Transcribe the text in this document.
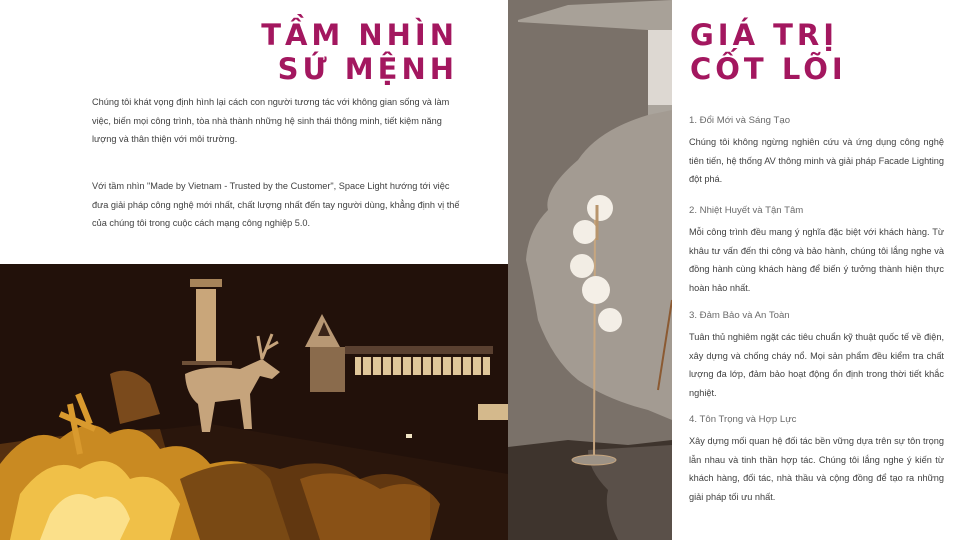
TẦM NHÌN
SỨ MỆNH

Chúng tôi khát vọng định hình lại cách con người tương tác với không gian sống và làm việc, biến mọi công trình, tòa nhà thành những hệ sinh thái thông minh, tiết kiệm năng lượng và thân thiện với môi trường.

Với tầm nhìn "Made by Vietnam - Trusted by the Customer", Space Light hướng tới việc đưa giải pháp công nghệ mới nhất, chất lượng nhất đến tay người dùng, khẳng định vị thế của chúng tôi trong cuộc cách mạng công nghiệp 5.0.

GIÁ TRỊ
CỐT LÕI
1. Đổi Mới và Sáng Tạo

Chúng tôi không ngừng nghiên cứu và ứng dụng công nghệ tiên tiến, hệ thống AV thông minh và giải pháp Facade Lighting đột phá.

2. Nhiệt Huyết và Tận Tâm

Mỗi công trình đều mang ý nghĩa đặc biệt với khách hàng. Từ khâu tư vấn đến thi công và bảo hành, chúng tôi lắng nghe và đồng hành cùng khách hàng để biến ý tưởng thành hiện thực hoàn hảo nhất.

3. Đảm Bảo và An Toàn

Tuân thủ nghiêm ngặt các tiêu chuẩn kỹ thuật quốc tế về điện, xây dựng và chống cháy nổ. Mọi sản phẩm đều kiểm tra chất lượng đa lớp, đảm bảo hoạt động ổn định trong thời tiết khắc nghiệt.

4. Tôn Trọng và Hợp Lực

Xây dựng mối quan hệ đối tác bền vững dựa trên sự tôn trọng lẫn nhau và tinh thần hợp tác. Chúng tôi lắng nghe ý kiến từ khách hàng, đối tác, nhà thầu và cộng đồng để tạo ra những giải pháp tối ưu nhất.
